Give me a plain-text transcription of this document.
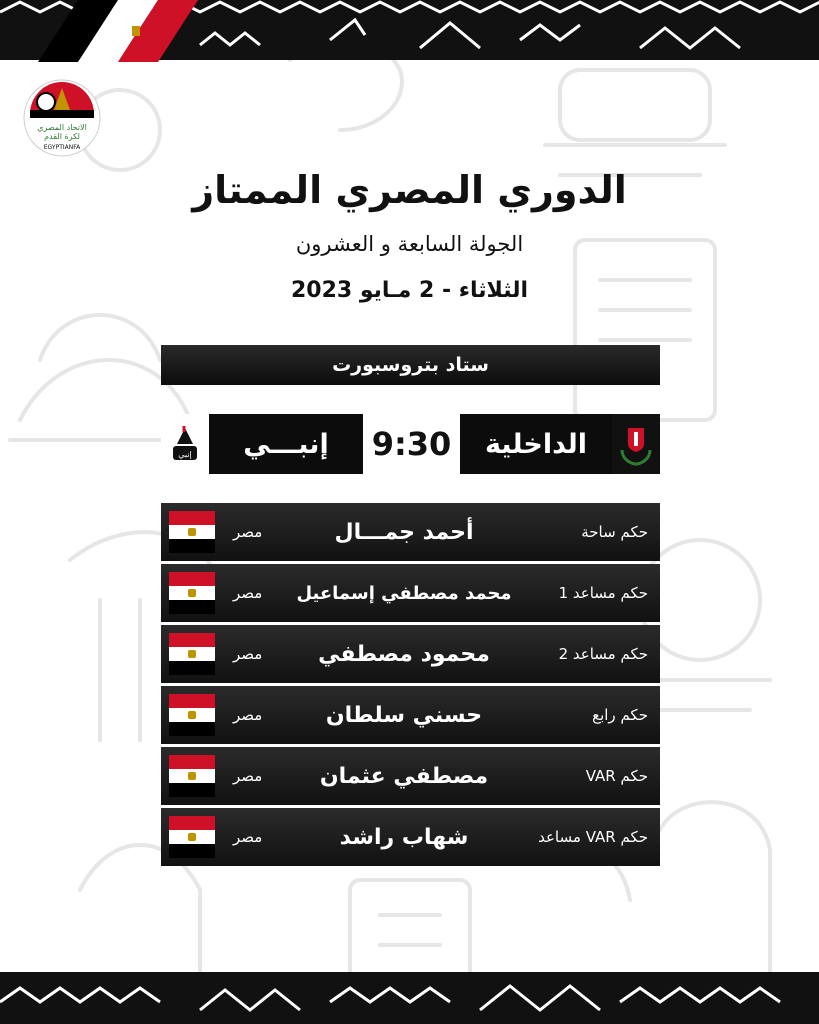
الاتحاد المصري
لكرة القدم
EGYPTIANFA
الدوري المصري الممتاز
الجولة السابعة و العشرون
الثلاثاء - 2 مـايو 2023
ستاد بتروسبورت
إنبي	إنبـــي	9:30	الداخلية
مصر	أحمد جمـــال	حكم ساحة
مصر	محمد مصطفي إسماعيل	حكم مساعد 1
مصر	محمود مصطفي	حكم مساعد 2
مصر	حسني سلطان	حكم رابع
مصر	مصطفي عثمان	حكم VAR
مصر	شهاب راشد	حكم VAR مساعد
